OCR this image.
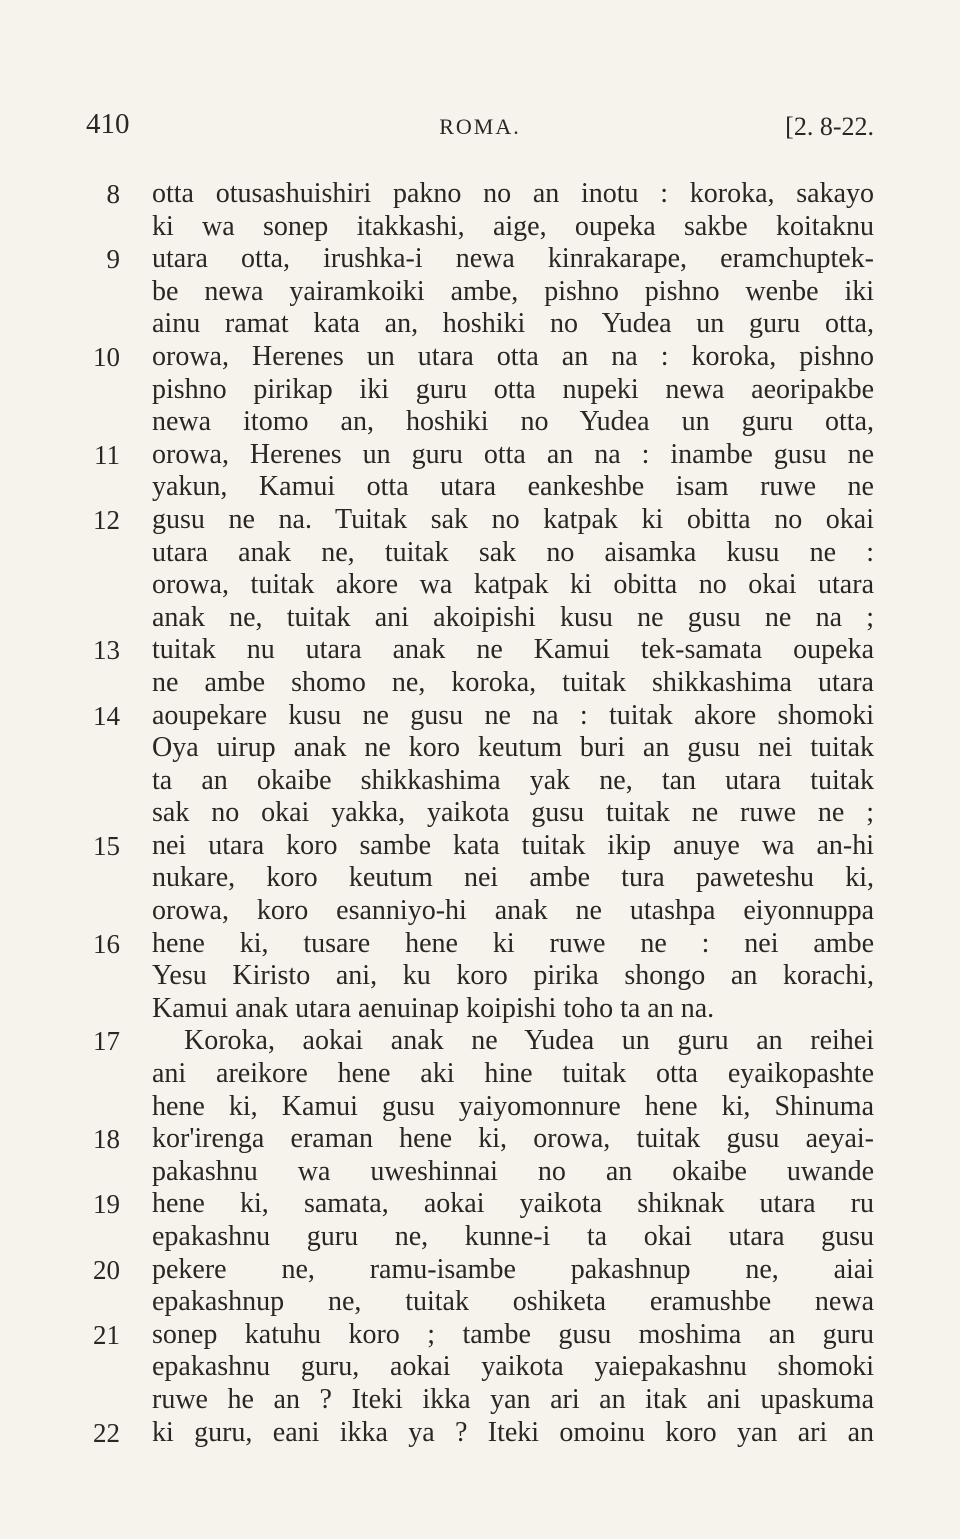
410	ROMA.	[2. 8-22.
8 otta otusashuishiri pakno no an inotu : koroka, sakayo
ki wa sonep itakkashi, aige, oupeka sakbe koitaknu
9 utara otta, irushka-i newa kinrakarape, eramchuptek-
be newa yairamkoiki ambe, pishno pishno wenbe iki
ainu ramat kata an, hoshiki no Yudea un guru otta,
10 orowa, Herenes un utara otta an na : koroka, pishno
pishno pirikap iki guru otta nupeki newa aeoripakbe
newa itomo an, hoshiki no Yudea un guru otta,
11 orowa, Herenes un guru otta an na : inambe gusu ne
yakun, Kamui otta utara eankeshbe isam ruwe ne
12 gusu ne na. Tuitak sak no katpak ki obitta no okai
utara anak ne, tuitak sak no aisamka kusu ne :
orowa, tuitak akore wa katpak ki obitta no okai utara
anak ne, tuitak ani akoipishi kusu ne gusu ne na ;
13 tuitak nu utara anak ne Kamui tek-samata oupeka
ne ambe shomo ne, koroka, tuitak shikkashima utara
14 aoupekare kusu ne gusu ne na : tuitak akore shomoki
Oya uirup anak ne koro keutum buri an gusu nei tuitak
ta an okaibe shikkashima yak ne, tan utara tuitak
sak no okai yakka, yaikota gusu tuitak ne ruwe ne ;
15 nei utara koro sambe kata tuitak ikip anuye wa an-hi
nukare, koro keutum nei ambe tura paweteshu ki,
orowa, koro esanniyo-hi anak ne utashpa eiyonnuppa
16 hene ki, tusare hene ki ruwe ne : nei ambe
Yesu Kiristo ani, ku koro pirika shongo an korachi,
Kamui anak utara aenuinap koipishi toho ta an na.
17	Koroka, aokai anak ne Yudea un guru an reihei
ani areikore hene aki hine tuitak otta eyaikopashte
hene ki, Kamui gusu yaiyomonnure hene ki, Shinuma
18 kor'irenga eraman hene ki, orowa, tuitak gusu aeyai-
pakashnu wa uweshinnai no an okaibe uwande
19 hene ki, samata, aokai yaikota shiknak utara ru
epakashnu guru ne, kunne-i ta okai utara gusu
20 pekere ne, ramu-isambe pakashnup ne, aiai
epakashnup ne, tuitak oshiketa eramushbe newa
21 sonep katuhu koro ; tambe gusu moshima an guru
epakashnu guru, aokai yaikota yaiepakashnu shomoki
ruwe he an ? Iteki ikka yan ari an itak ani upaskuma
22 ki guru, eani ikka ya ? Iteki omoinu koro yan ari an
